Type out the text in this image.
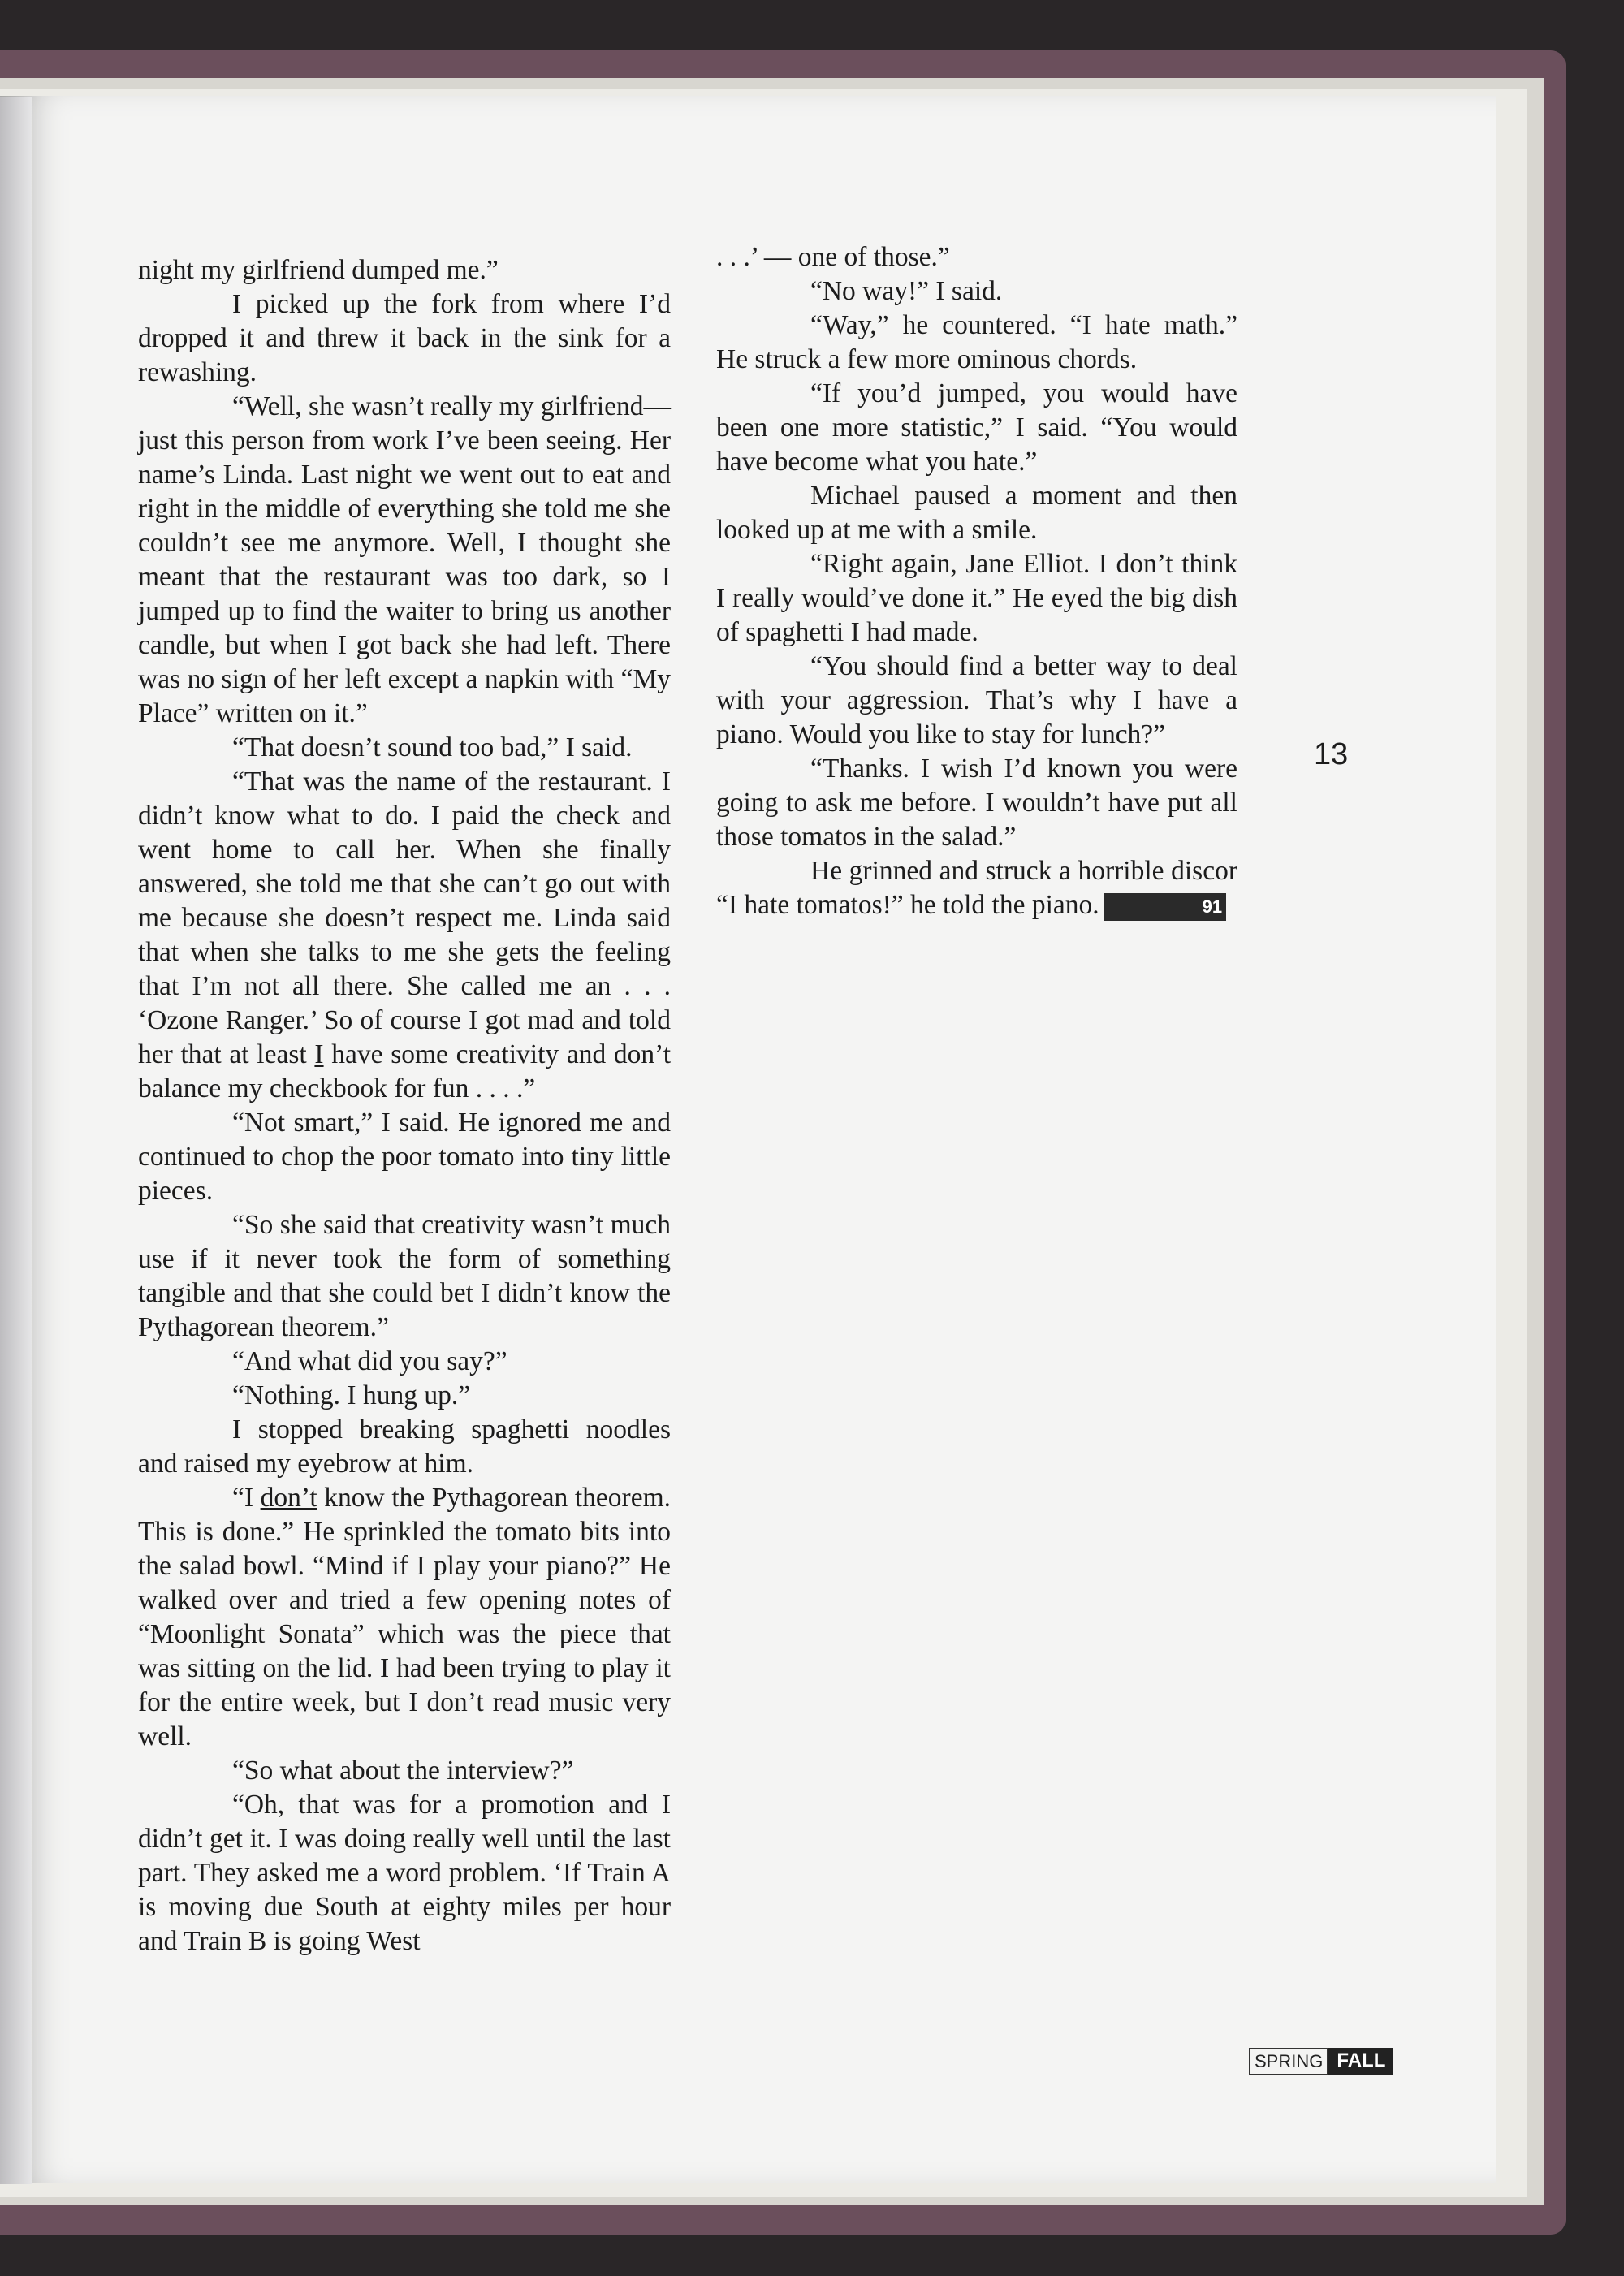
night my girlfriend dumped me.”

I picked up the fork from where I’d dropped it and threw it back in the sink for a rewashing.

“Well, she wasn’t really my girlfriend—just this person from work I’ve been seeing. Her name’s Linda. Last night we went out to eat and right in the middle of everything she told me she couldn’t see me anymore. Well, I thought she meant that the restaurant was too dark, so I jumped up to find the waiter to bring us another candle, but when I got back she had left. There was no sign of her left except a napkin with “My Place” written on it.”

“That doesn’t sound too bad,” I said.

“That was the name of the restaurant. I didn’t know what to do. I paid the check and went home to call her. When she finally answered, she told me that she can’t go out with me because she doesn’t respect me. Linda said that when she talks to me she gets the feeling that I’m not all there. She called me an . . . ‘Ozone Ranger.’ So of course I got mad and told her that at least I have some creativity and don’t balance my checkbook for fun . . . .”

“Not smart,” I said. He ignored me and continued to chop the poor tomato into tiny little pieces.

“So she said that creativity wasn’t much use if it never took the form of something tangible and that she could bet I didn’t know the Pythagorean theorem.”

“And what did you say?”

“Nothing. I hung up.”

I stopped breaking spaghetti noodles and raised my eyebrow at him.

“I don’t know the Pythagorean theorem. This is done.” He sprinkled the tomato bits into the salad bowl. “Mind if I play your piano?” He walked over and tried a few opening notes of “Moonlight Sonata” which was the piece that was sitting on the lid. I had been trying to play it for the entire week, but I don’t read music very well.

“So what about the interview?”

“Oh, that was for a promotion and I didn’t get it. I was doing really well until the last part. They asked me a word problem. ‘If Train A is moving due South at eighty miles per hour and Train B is going West

. . .’ — one of those.”

“No way!” I said.

“Way,” he countered. “I hate math.” He struck a few more ominous chords.

“If you’d jumped, you would have been one more statistic,” I said. “You would have become what you hate.”

Michael paused a moment and then looked up at me with a smile.

“Right again, Jane Elliot. I don’t think I really would’ve done it.” He eyed the big dish of spaghetti I had made.

“You should find a better way to deal with your aggression. That’s why I have a piano. Would you like to stay for lunch?”

“Thanks. I wish I’d known you were going to ask me before. I wouldn’t have put all those tomatos in the salad.”

He grinned and struck a horrible discor “I hate tomatos!” he told the piano.	91

13
SPRING FALL
